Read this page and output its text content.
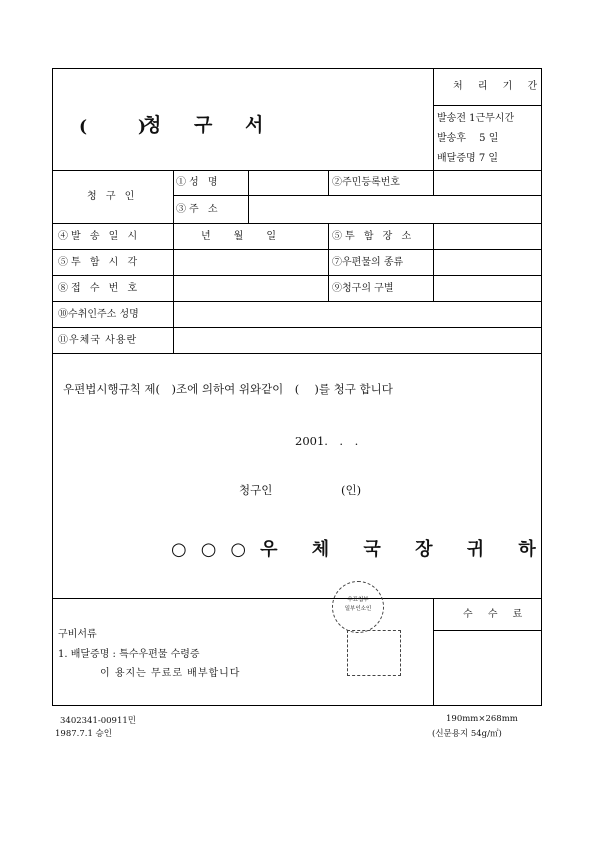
(　　　)
청 구 서
처 리 기 간
발송전 1근무시간
발송후　 5 일
배달증명 7 일
청 구 인
①성 명	②주민등록번호
③주 소
④발 송 일 시	년　　월　　일	⑤투 함 장 소
⑤투 함 시 각	⑦우편물의 종류
⑧접 수 번 호	⑨청구의 구별
⑩수취인주소 성명
⑪우체국 사용란
우편법시행규칙 제(　)조에 의하여 위와같이　(　 )를 청구 합니다
2001.　.　.
청구인	(인)
○○○우 체 국 장 귀 하
우표첩부
일부인소인	수 수 료
구비서류
1. 배달증명 : 특수우편물 수령증
이 용지는 무료로 배부합니다
3402341-00911민
1987.7.1 승인
190mm×268mm
(신문용지 54g/㎡)
